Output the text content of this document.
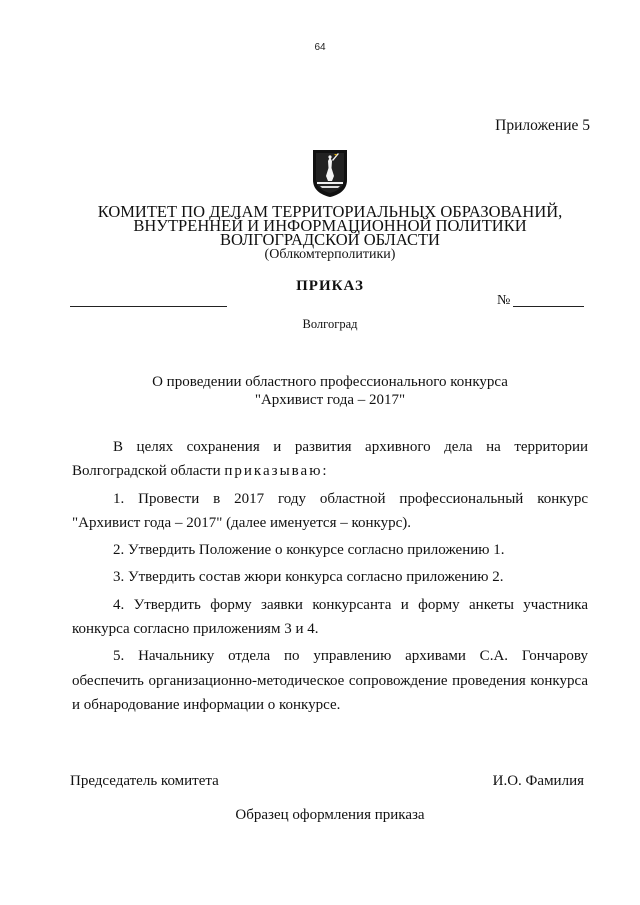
64
Приложение 5
КОМИТЕТ ПО ДЕЛАМ ТЕРРИТОРИАЛЬНЫХ ОБРАЗОВАНИЙ,
ВНУТРЕННЕЙ И ИНФОРМАЦИОННОЙ ПОЛИТИКИ
ВОЛГОГРАДСКОЙ ОБЛАСТИ
(Облкомтерполитики)
ПРИКАЗ
№
Волгоград
О проведении областного профессионального конкурса
"Архивист года – 2017"

В целях сохранения и развития архивного дела на территории Волгоградской области приказываю:

1. Провести в 2017 году областной профессиональный конкурс "Архивист года – 2017" (далее именуется – конкурс).

2. Утвердить Положение о конкурсе согласно приложению 1.

3. Утвердить состав жюри конкурса согласно приложению 2.

4. Утвердить форму заявки конкурсанта и форму анкеты участника конкурса согласно приложениям 3 и 4.

5. Начальнику отдела по управлению архивами С.А. Гончарову обеспечить организационно-методическое сопровождение проведения конкурса и обнародование информации о конкурсе.

Председатель комитета	И.О. Фамилия
Образец оформления приказа
